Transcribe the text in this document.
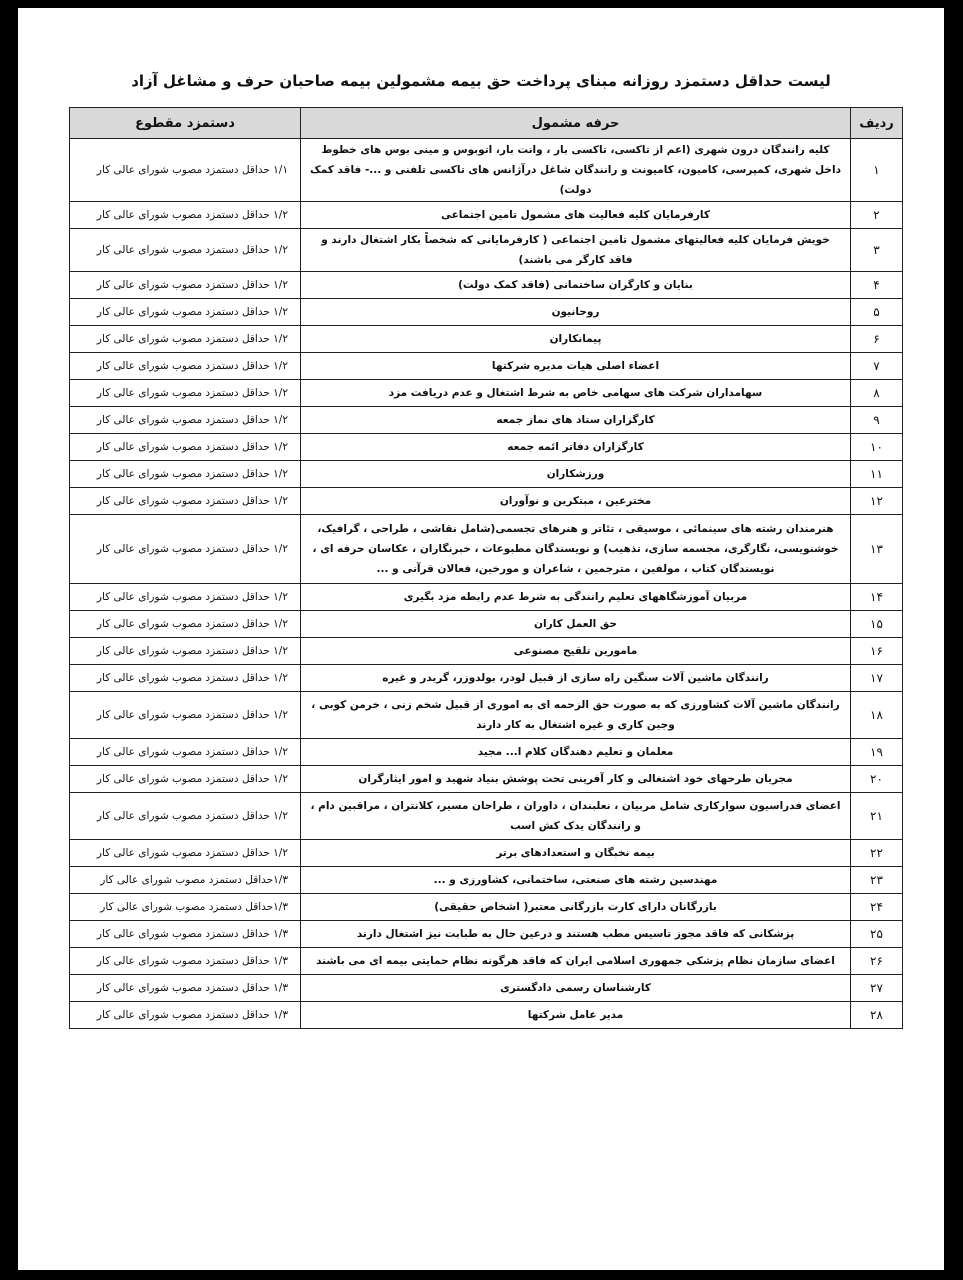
لیست حداقل دستمزد روزانه مبنای پرداخت حق بیمه مشمولین بیمه صاحبان حرف و مشاغل آزاد
ردیف	حرفه مشمول	دستمزد مقطوع
۱	کلیه رانندگان درون شهری (اعم از تاکسی، تاکسی بار ، وانت بار، اتوبوس و مینی بوس های خطوط داخل شهری، کمپرسی، کامیون، کامیونت و رانندگان شاغل درآژانس های تاکسی تلفنی و ...- فاقد کمک دولت)	۱/۱ حداقل دستمزد مصوب شورای عالی کار
۲	کارفرمایان کلیه فعالیت های مشمول تامین اجتماعی	۱/۲ حداقل دستمزد مصوب شورای عالی کار
۳	خویش فرمایان کلیه فعالیتهای مشمول تامین اجتماعی ( کارفرمایانی که شخصاً بکار اشتغال دارند و فاقد کارگر می باشند)	۱/۲ حداقل دستمزد مصوب شورای عالی کار
۴	بنایان و کارگران ساختمانی (فاقد کمک دولت)	۱/۲ حداقل دستمزد مصوب شورای عالی کار
۵	روحانیون	۱/۲ حداقل دستمزد مصوب شورای عالی کار
۶	پیمانکاران	۱/۲ حداقل دستمزد مصوب شورای عالی کار
۷	اعضاء اصلی هیات مدیره شرکتها	۱/۲ حداقل دستمزد مصوب شورای عالی کار
۸	سهامداران شرکت های سهامی خاص به شرط اشتغال و عدم دریافت مزد	۱/۲ حداقل دستمزد مصوب شورای عالی کار
۹	کارگزاران ستاد های نماز جمعه	۱/۲ حداقل دستمزد مصوب شورای عالی کار
۱۰	کارگزاران دفاتر ائمه جمعه	۱/۲ حداقل دستمزد مصوب شورای عالی کار
۱۱	ورزشکاران	۱/۲ حداقل دستمزد مصوب شورای عالی کار
۱۲	مخترعین ، مبتکرین و نوآوران	۱/۲ حداقل دستمزد مصوب شورای عالی کار
۱۳	هنرمندان رشته های سینمائی ، موسیقی ، تئاتر و هنرهای تجسمی(شامل نقاشی ، طراحی ، گرافیک، خوشنویسی، نگارگری، مجسمه سازی، تذهیب) و نویسندگان مطبوعات ، خبرنگاران ، عکاسان حرفه ای ، نویسندگان کتاب ، مولفین ، مترجمین ، شاعران و مورخین، فعالان قرآنی و ...	۱/۲ حداقل دستمزد مصوب شورای عالی کار
۱۴	مربیان آموزشگاههای تعلیم رانندگی به شرط عدم رابطه مزد بگیری	۱/۲ حداقل دستمزد مصوب شورای عالی کار
۱۵	حق العمل کاران	۱/۲ حداقل دستمزد مصوب شورای عالی کار
۱۶	مامورین تلقیح مصنوعی	۱/۲ حداقل دستمزد مصوب شورای عالی کار
۱۷	رانندگان ماشین آلات سنگین راه سازی از قبیل لودر، بولدوزر، گریدر و غیره	۱/۲ حداقل دستمزد مصوب شورای عالی کار
۱۸	رانندگان ماشین آلات کشاورزی که به صورت حق الزحمه ای به اموری از قبیل شخم زنی ، خرمن کوبی ، وجین کاری و غیره اشتغال به کار دارند	۱/۲ حداقل دستمزد مصوب شورای عالی کار
۱۹	معلمان و تعلیم دهندگان کلام ا... مجید	۱/۲ حداقل دستمزد مصوب شورای عالی کار
۲۰	مجریان طرحهای خود اشتغالی و کار آفرینی تحت پوشش بنیاد شهید و امور ایثارگران	۱/۲ حداقل دستمزد مصوب شورای عالی کار
۲۱	اعضای فدراسیون سوارکاری شامل مربیان ، نعلبندان ، داوران ، طراحان مسیر، کلانتران ، مراقبین دام ، و رانندگان یدک کش اسب	۱/۲ حداقل دستمزد مصوب شورای عالی کار
۲۲	بیمه نخبگان و استعدادهای برتر	۱/۲ حداقل دستمزد مصوب شورای عالی کار
۲۳	مهندسین رشته های صنعتی، ساختمانی، کشاورزی و ...	۱/۳حداقل دستمزد مصوب شورای عالی کار
۲۴	بازرگانان دارای کارت بازرگانی معتبر( اشخاص حقیقی)	۱/۳حداقل دستمزد مصوب شورای عالی کار
۲۵	پزشکانی که فاقد مجوز تاسیس مطب هستند و درعین حال به طبابت نیز اشتغال دارند	۱/۳ حداقل دستمزد مصوب شورای عالی کار
۲۶	اعضای سازمان نظام پزشکی جمهوری اسلامی ایران که فاقد هرگونه نظام حمایتی بیمه ای می باشند	۱/۳ حداقل دستمزد مصوب شورای عالی کار
۲۷	کارشناسان رسمی دادگستری	۱/۳ حداقل دستمزد مصوب شورای عالی کار
۲۸	مدیر عامل شرکتها	۱/۳ حداقل دستمزد مصوب شورای عالی کار
